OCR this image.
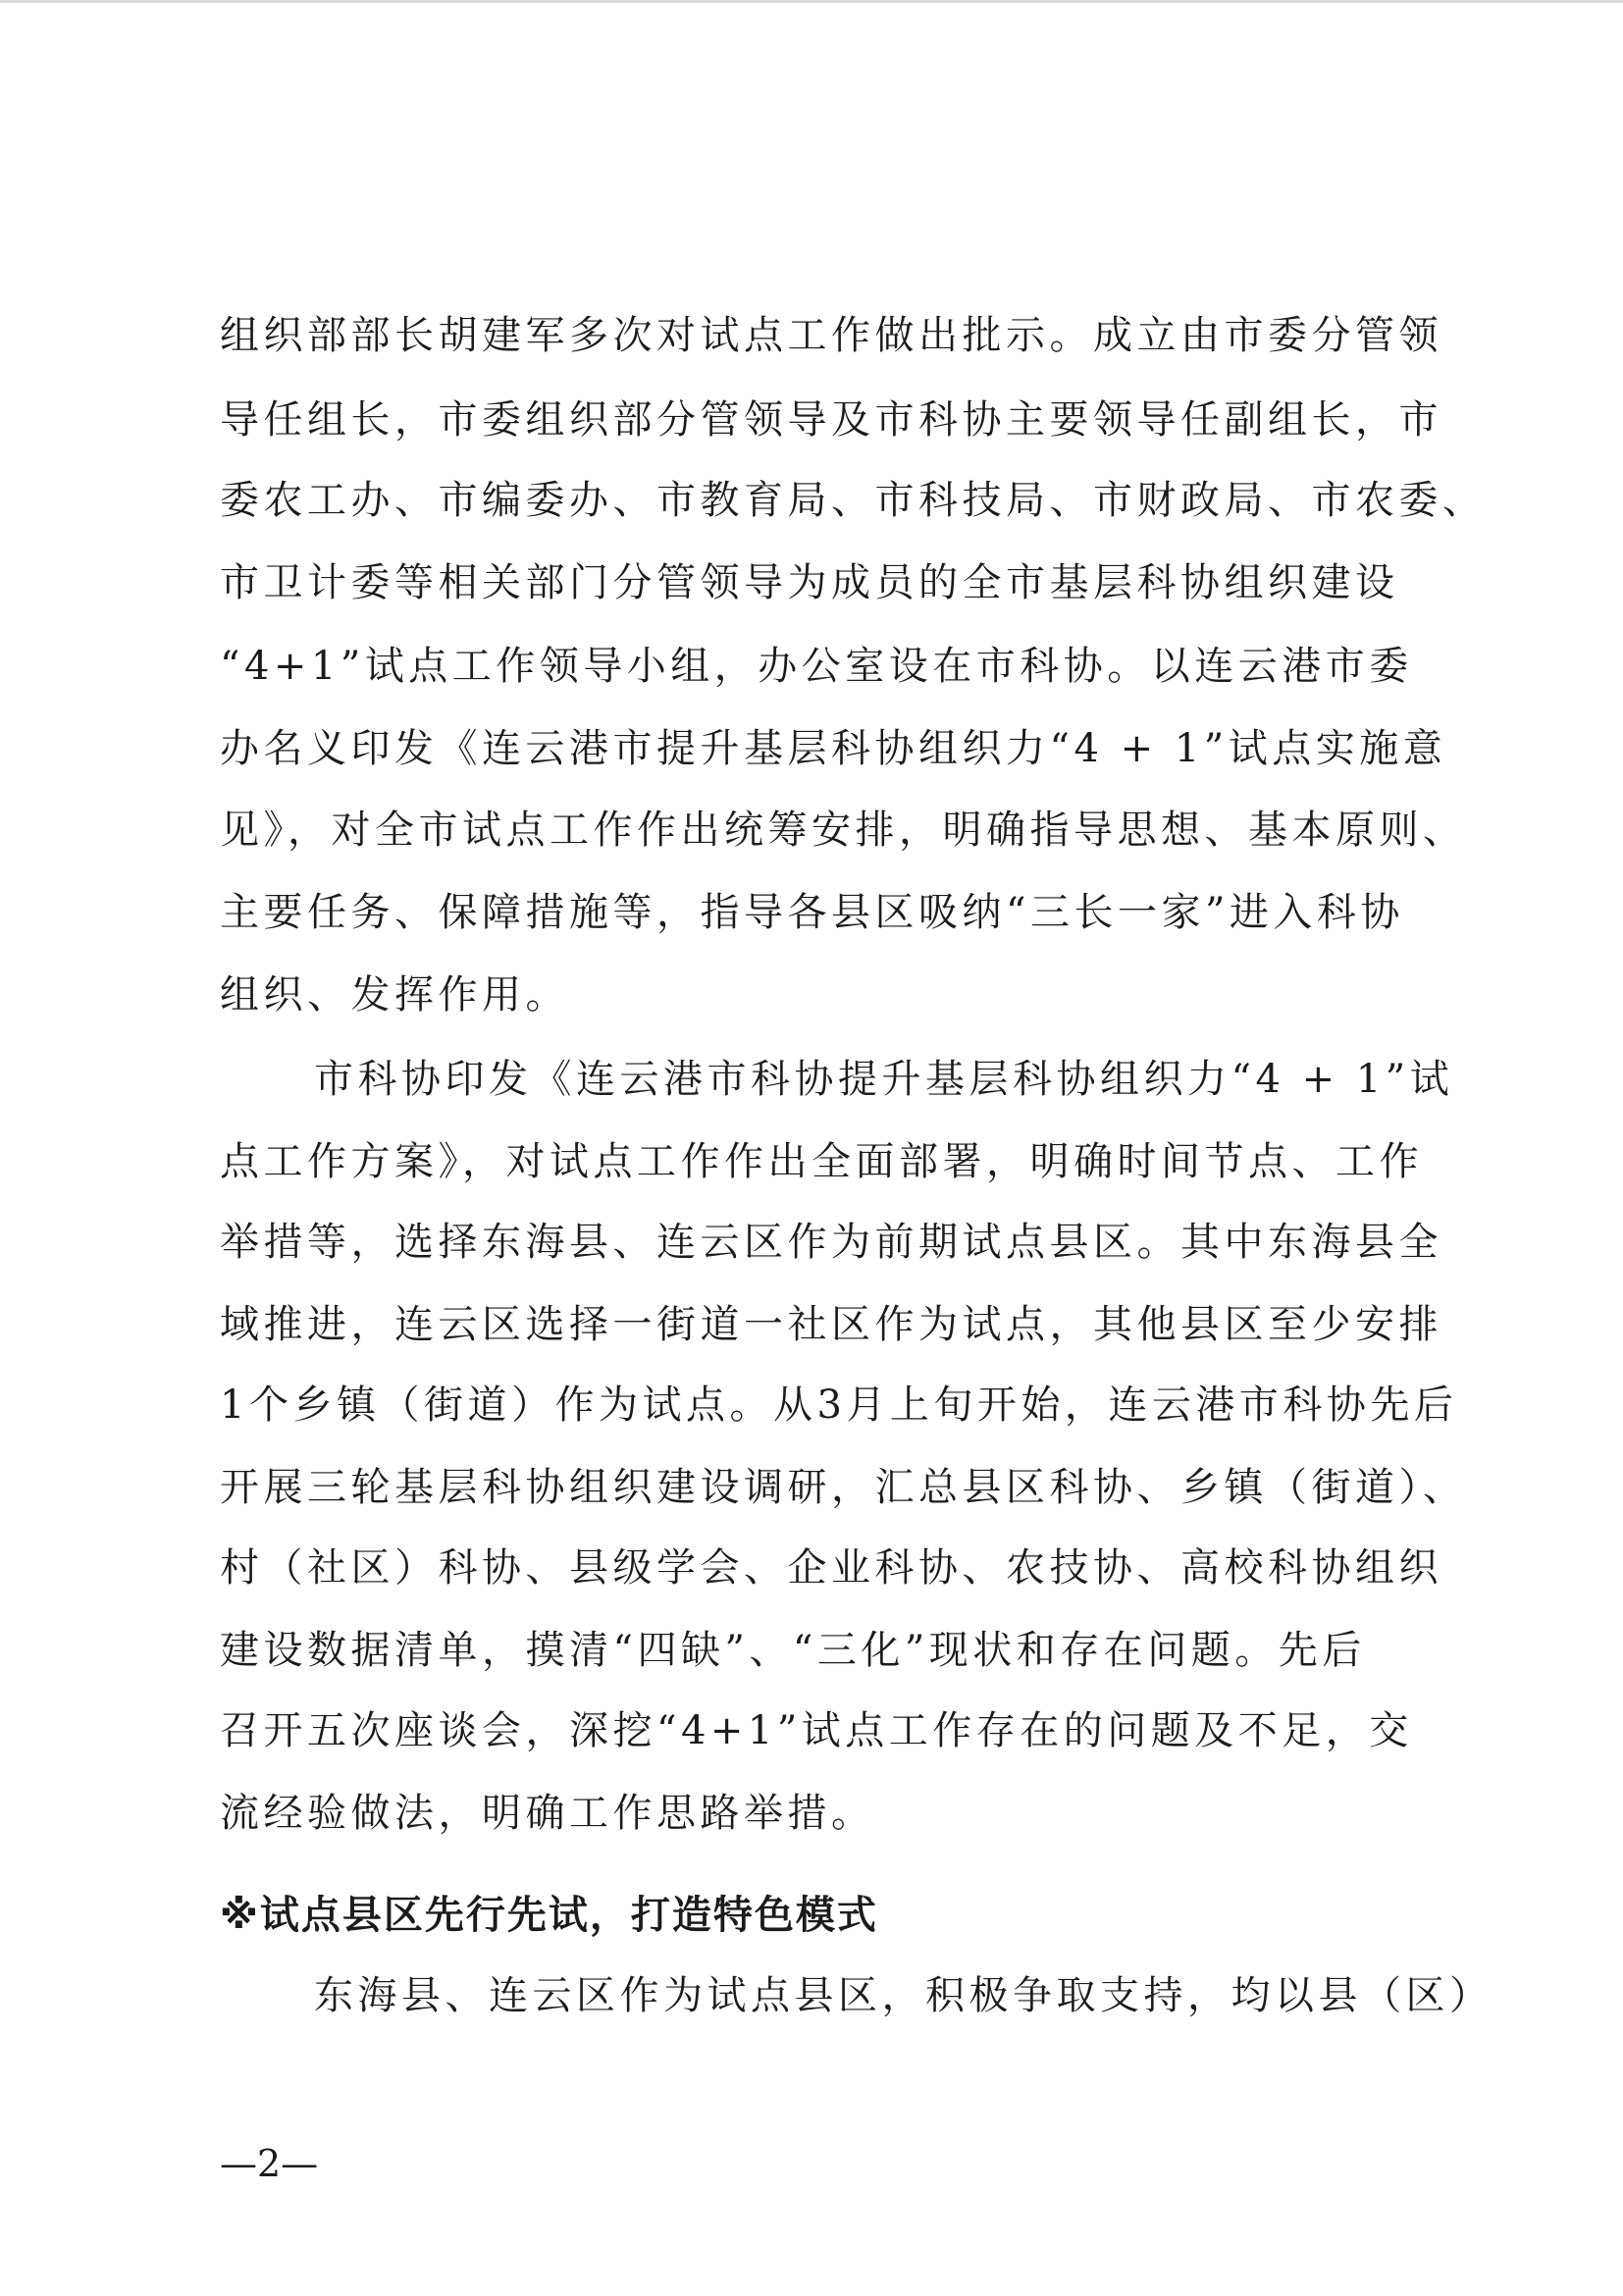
组织部部长胡建军多次对试点工作做出批示。成立由市委分管领
导任组长，市委组织部分管领导及市科协主要领导任副组长，市
委农工办、市编委办、市教育局、市科技局、市财政局、市农委、
市卫计委等相关部门分管领导为成员的全市基层科协组织建设
“4+1”试点工作领导小组，办公室设在市科协。以连云港市委
办名义印发《连云港市提升基层科协组织力“4 + 1”试点实施意
见》，对全市试点工作作出统筹安排，明确指导思想、基本原则、
主要任务、保障措施等，指导各县区吸纳“三长一家”进入科协
组织、发挥作用。
市科协印发《连云港市科协提升基层科协组织力“4 + 1”试
点工作方案》，对试点工作作出全面部署，明确时间节点、工作
举措等，选择东海县、连云区作为前期试点县区。其中东海县全
域推进，连云区选择一街道一社区作为试点，其他县区至少安排
1个乡镇（街道）作为试点。从3月上旬开始，连云港市科协先后
开展三轮基层科协组织建设调研，汇总县区科协、乡镇（街道）、
村（社区）科协、县级学会、企业科协、农技协、高校科协组织
建设数据清单，摸清“四缺”、“三化”现状和存在问题。先后
召开五次座谈会，深挖“4+1”试点工作存在的问题及不足，交
流经验做法，明确工作思路举措。
※试点县区先行先试，打造特色模式
东海县、连云区作为试点县区，积极争取支持，均以县（区）
—2—
